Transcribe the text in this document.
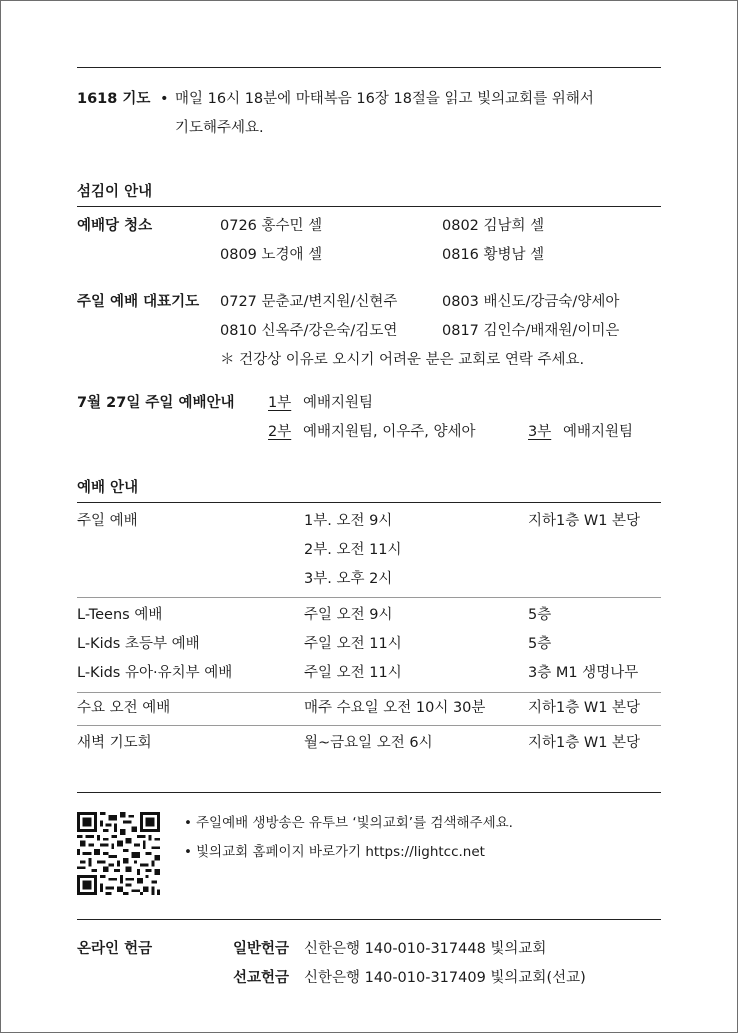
1618 기도 • 매일 16시 18분에 마태복음 16장 18절을 읽고 빛의교회를 위해서
기도해주세요.
섬김이 안내
예배당 청소	0726 홍수민 셀	0802 김남희 셀
0809 노경애 셀	0816 황병남 셀
주일 예배 대표기도 0727 문춘교/변지원/신현주	0803 배신도/강금숙/양세아
0810 신옥주/강은숙/김도연	0817 김인수/배재원/이미은
＊ 건강상 이유로 오시기 어려운 분은 교회로 연락 주세요.
7월 27일 주일 예배안내 1부 예배지원팀
2부 예배지원팀, 이우주, 양세아	3부 예배지원팀
예배 안내
주일 예배	1부. 오전 9시	지하1층 W1 본당
2부. 오전 11시
3부. 오후 2시
L-Teens 예배	주일 오전 9시	5층
L-Kids 초등부 예배	주일 오전 11시	5층
L-Kids 유아·유치부 예배	주일 오전 11시	3층 M1 생명나무
수요 오전 예배	매주 수요일 오전 10시 30분	지하1층 W1 본당
새벽 기도회	월~금요일 오전 6시	지하1층 W1 본당
• 주일예배 생방송은 유투브 ‘빛의교회’를 검색해주세요.
• 빛의교회 홈페이지 바로가기 https://lightcc.net
온라인 헌금	일반헌금 신한은행 140-010-317448 빛의교회
선교헌금 신한은행 140-010-317409 빛의교회(선교)
